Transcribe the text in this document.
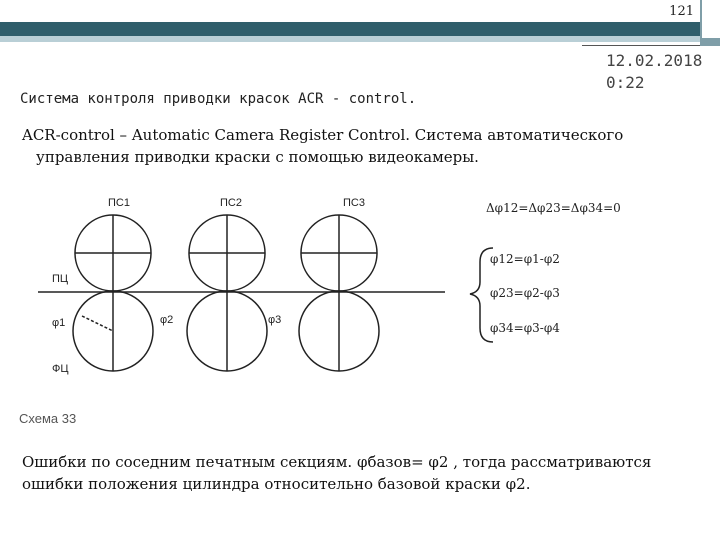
121
12.02.2018
0:22
Система контроля приводки красок ACR - control.
ACR-control – Automatic Camera Register Control. Система автоматического
управления приводки краски с помощью видеокамеры.
ПС1	ПС2	ПС3
ПЦ
φ1	φ2	φ3
ФЦ
Δφ12=Δφ23=Δφ34=0
φ12=φ1-φ2
φ23=φ2-φ3
φ34=φ3-φ4
Схема 33
Ошибки по соседним печатным секциям. φбазов= φ2 , тогда рассматриваются
ошибки положения цилиндра относительно базовой краски φ2.
